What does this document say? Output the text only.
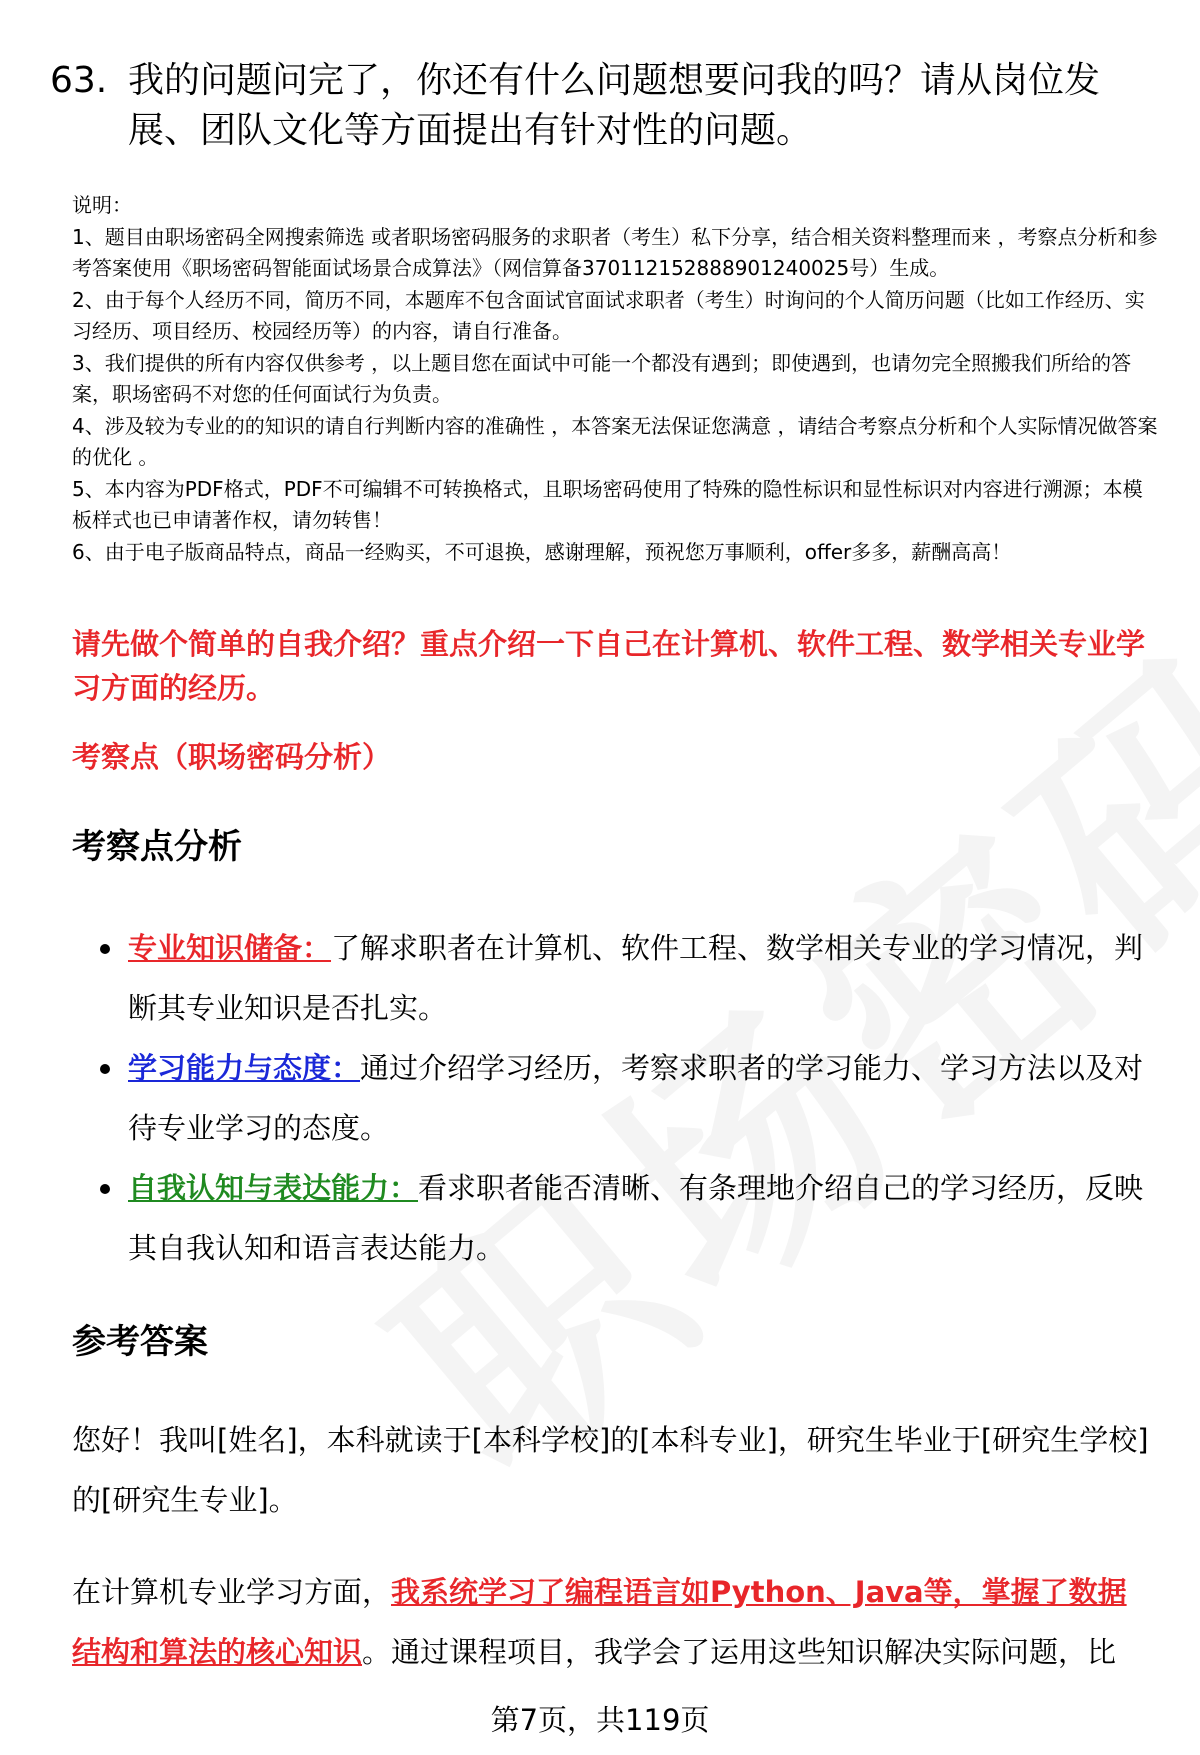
63. 我的问题问完了，你还有什么问题想要问我的吗？请从岗位发展、团队文化等方面提出有针对性的问题。
说明：
1、题目由职场密码全网搜索筛选 或者职场密码服务的求职者（考生）私下分享，结合相关资料整理而来 ，考察点分析和参考答案使用《职场密码智能面试场景合成算法》（网信算备370112152888901240025号）生成。
2、由于每个人经历不同，简历不同，本题库不包含面试官面试求职者（考生）时询问的个人简历问题（比如工作经历、实习经历、项目经历、校园经历等）的内容，请自行准备。
3、我们提供的所有内容仅供参考 ，以上题目您在面试中可能一个都没有遇到；即使遇到，也请勿完全照搬我们所给的答案，职场密码不对您的任何面试行为负责。
4、涉及较为专业的的知识的请自行判断内容的准确性 ，本答案无法保证您满意 ，请结合考察点分析和个人实际情况做答案的优化 。
5、本内容为PDF格式，PDF不可编辑不可转换格式，且职场密码使用了特殊的隐性标识和显性标识对内容进行溯源；本模板样式也已申请著作权，请勿转售！
6、由于电子版商品特点，商品一经购买，不可退换，感谢理解，预祝您万事顺利，offer多多，薪酬高高！
请先做个简单的自我介绍？重点介绍一下自己在计算机、软件工程、数学相关专业学习方面的经历。
考察点（职场密码分析）
考察点分析
专业知识储备：了解求职者在计算机、软件工程、数学相关专业的学习情况，判断其专业知识是否扎实。
学习能力与态度：通过介绍学习经历，考察求职者的学习能力、学习方法以及对待专业学习的态度。
自我认知与表达能力：看求职者能否清晰、有条理地介绍自己的学习经历，反映其自我认知和语言表达能力。
参考答案
您好！我叫[姓名]，本科就读于[本科学校]的[本科专业]，研究生毕业于[研究生学校]的[研究生专业]。
在计算机专业学习方面，我系统学习了编程语言如Python、Java等，掌握了数据结构和算法的核心知识。通过课程项目，我学会了运用这些知识解决实际问题，比
第7页，共119页
